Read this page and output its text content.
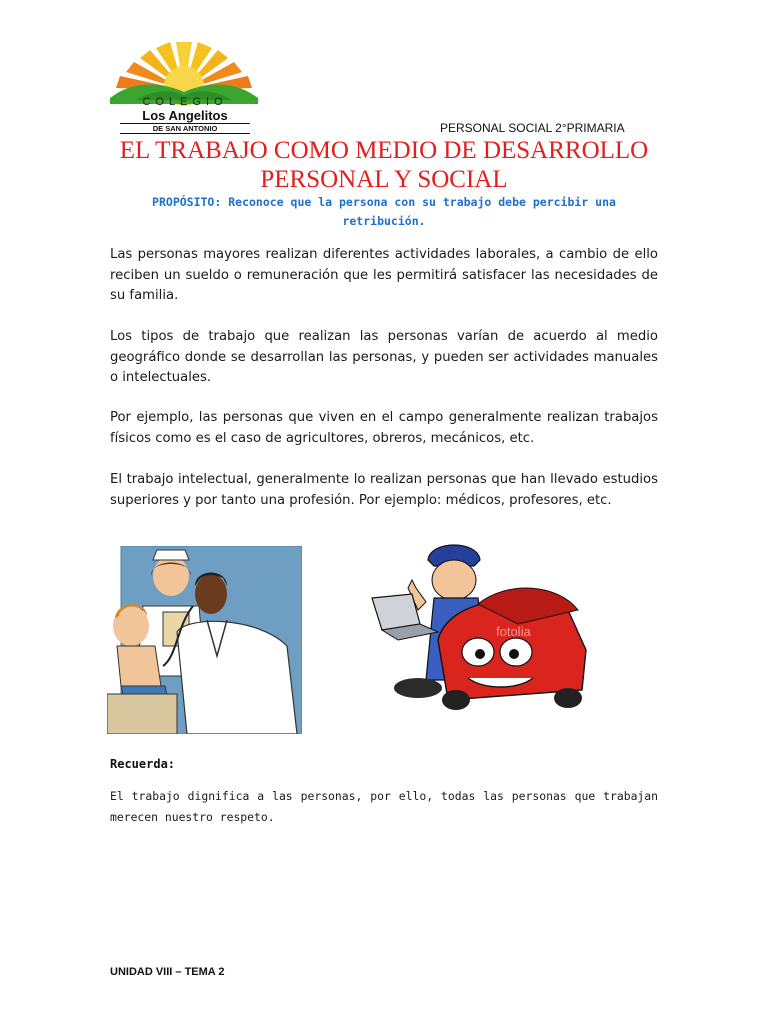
COLEGIO
Los Angelitos
DE SAN ANTONIO	PERSONAL SOCIAL 2°PRIMARIA
EL TRABAJO COMO MEDIO DE DESARROLLO
PERSONAL Y SOCIAL
PROPÓSITO: Reconoce que la persona con su trabajo debe percibir una retribución.
Las personas mayores realizan diferentes actividades laborales, a cambio de ello reciben un sueldo o remuneración que les permitirá satisfacer las necesidades de su familia.
Los tipos de trabajo que realizan las personas varían de acuerdo al medio geográfico donde se desarrollan las personas, y pueden ser actividades manuales o intelectuales.
Por ejemplo, las personas que viven en el campo generalmente realizan trabajos físicos como es el caso de agricultores, obreros, mecánicos, etc.
El trabajo intelectual, generalmente lo realizan personas que han llevado estudios superiores y por tanto una profesión. Por ejemplo: médicos, profesores, etc.
fotolia
Recuerda:
El trabajo dignifica a las personas, por ello, todas las personas que trabajan merecen nuestro respeto.
UNIDAD VIII – TEMA 2
